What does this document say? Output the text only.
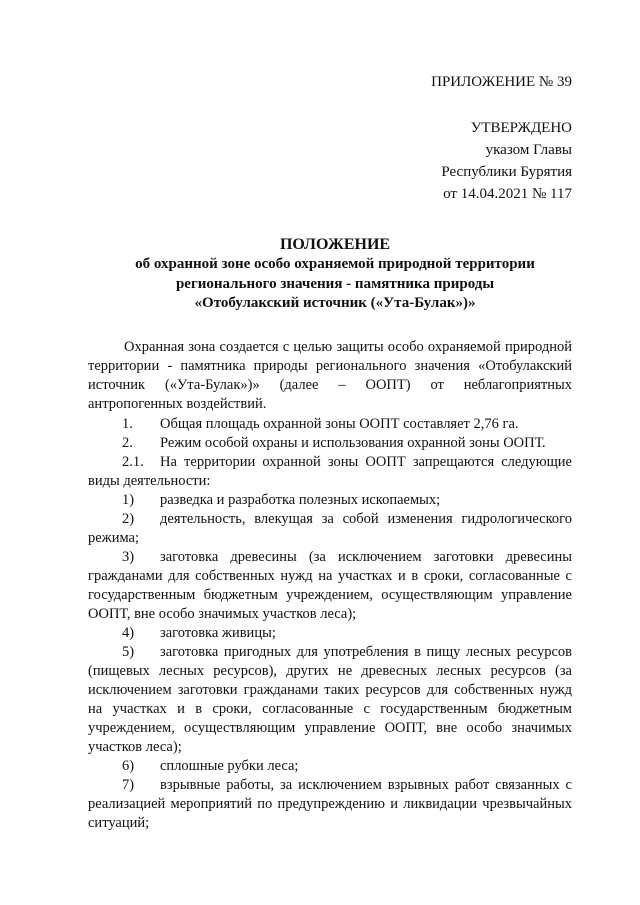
ПРИЛОЖЕНИЕ № 39
УТВЕРЖДЕНО
указом Главы
Республики Бурятия
от 14.04.2021 № 117
ПОЛОЖЕНИЕ
об охранной зоне особо охраняемой природной территории
регионального значения - памятника природы
«Отобулакский источник («Ута-Булак»)»

Охранная зона создается с целью защиты особо охраняемой природной территории - памятника природы регионального значения «Отобулакский источник («Ута-Булак»)» (далее – ООПТ) от неблагоприятных антропогенных воздействий.

1. Общая площадь охранной зоны ООПТ составляет 2,76 га.

2. Режим особой охраны и использования охранной зоны ООПТ.

2.1. На территории охранной зоны ООПТ запрещаются следующие виды деятельности:

1) разведка и разработка полезных ископаемых;

2) деятельность, влекущая за собой изменения гидрологического режима;

3) заготовка древесины (за исключением заготовки древесины гражданами для собственных нужд на участках и в сроки, согласованные с государственным бюджетным учреждением, осуществляющим управление ООПТ, вне особо значимых участков леса);

4) заготовка живицы;

5) заготовка пригодных для употребления в пищу лесных ресурсов (пищевых лесных ресурсов), других не древесных лесных ресурсов (за исключением заготовки гражданами таких ресурсов для собственных нужд на участках и в сроки, согласованные с государственным бюджетным учреждением, осуществляющим управление ООПТ, вне особо значимых участков леса);

6) сплошные рубки леса;

7) взрывные работы, за исключением взрывных работ связанных с реализацией мероприятий по предупреждению и ликвидации чрезвычайных ситуаций;
